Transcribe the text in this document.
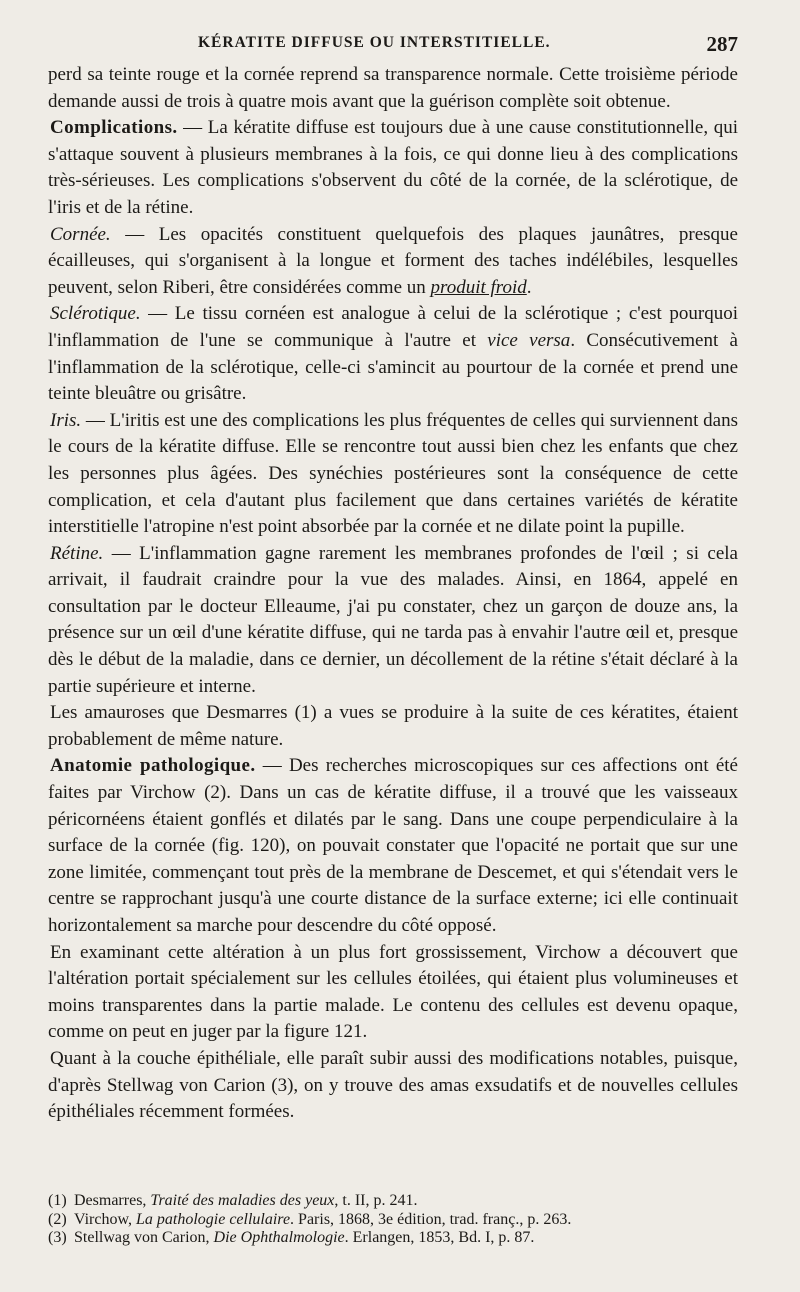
KÉRATITE DIFFUSE OU INTERSTITIELLE.	287

perd sa teinte rouge et la cornée reprend sa transparence normale. Cette troisième période demande aussi de trois à quatre mois avant que la guérison complète soit obtenue.

Complications. — La kératite diffuse est toujours due à une cause constitutionnelle, qui s'attaque souvent à plusieurs membranes à la fois, ce qui donne lieu à des complications très-sérieuses. Les complications s'observent du côté de la cornée, de la sclérotique, de l'iris et de la rétine.

Cornée. — Les opacités constituent quelquefois des plaques jaunâtres, presque écailleuses, qui s'organisent à la longue et forment des taches indélébiles, lesquelles peuvent, selon Riberi, être considérées comme un produit froid.

Sclérotique. — Le tissu cornéen est analogue à celui de la sclérotique ; c'est pourquoi l'inflammation de l'une se communique à l'autre et vice versa. Consécutivement à l'inflammation de la sclérotique, celle-ci s'amincit au pourtour de la cornée et prend une teinte bleuâtre ou grisâtre.

Iris. — L'iritis est une des complications les plus fréquentes de celles qui surviennent dans le cours de la kératite diffuse. Elle se rencontre tout aussi bien chez les enfants que chez les personnes plus âgées. Des synéchies postérieures sont la conséquence de cette complication, et cela d'autant plus facilement que dans certaines variétés de kératite interstitielle l'atropine n'est point absorbée par la cornée et ne dilate point la pupille.

Rétine. — L'inflammation gagne rarement les membranes profondes de l'œil ; si cela arrivait, il faudrait craindre pour la vue des malades. Ainsi, en 1864, appelé en consultation par le docteur Elleaume, j'ai pu constater, chez un garçon de douze ans, la présence sur un œil d'une kératite diffuse, qui ne tarda pas à envahir l'autre œil et, presque dès le début de la maladie, dans ce dernier, un décollement de la rétine s'était déclaré à la partie supérieure et interne.

Les amauroses que Desmarres (1) a vues se produire à la suite de ces kératites, étaient probablement de même nature.

Anatomie pathologique. — Des recherches microscopiques sur ces affections ont été faites par Virchow (2). Dans un cas de kératite diffuse, il a trouvé que les vaisseaux péricornéens étaient gonflés et dilatés par le sang. Dans une coupe perpendiculaire à la surface de la cornée (fig. 120), on pouvait constater que l'opacité ne portait que sur une zone limitée, commençant tout près de la membrane de Descemet, et qui s'étendait vers le centre se rapprochant jusqu'à une courte distance de la surface externe; ici elle continuait horizontalement sa marche pour descendre du côté opposé.

En examinant cette altération à un plus fort grossissement, Virchow a découvert que l'altération portait spécialement sur les cellules étoilées, qui étaient plus volumineuses et moins transparentes dans la partie malade. Le contenu des cellules est devenu opaque, comme on peut en juger par la figure 121.

Quant à la couche épithéliale, elle paraît subir aussi des modifications notables, puisque, d'après Stellwag von Carion (3), on y trouve des amas exsudatifs et de nouvelles cellules épithéliales récemment formées.

(1) Desmarres, Traité des maladies des yeux, t. II, p. 241.

(2) Virchow, La pathologie cellulaire. Paris, 1868, 3e édition, trad. franç., p. 263.

(3) Stellwag von Carion, Die Ophthalmologie. Erlangen, 1853, Bd. I, p. 87.
